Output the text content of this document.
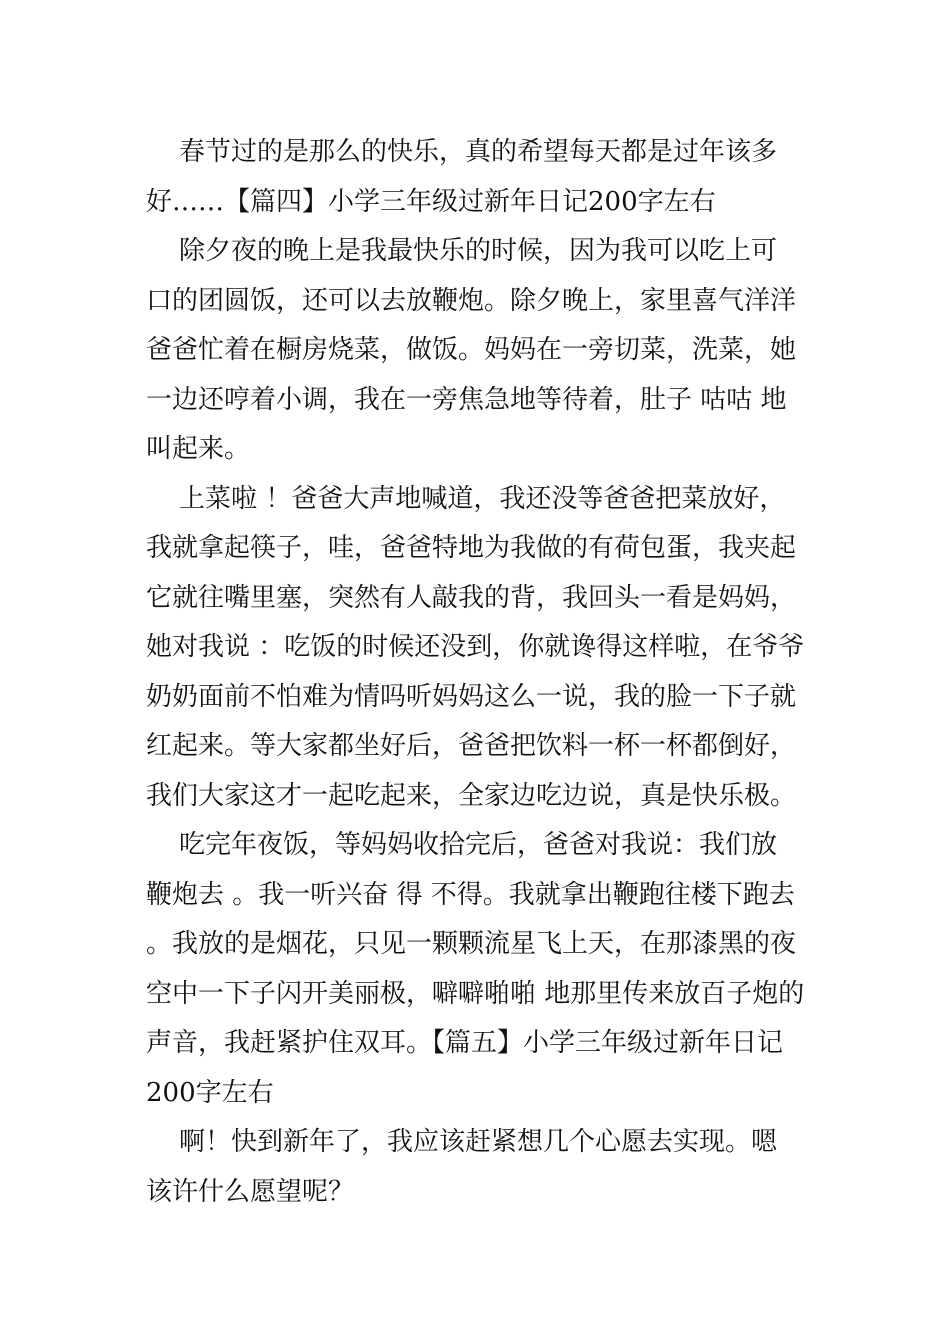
春节过的是那么的快乐，真的希望每天都是过年该多
好……【篇四】小学三年级过新年日记200字左右

除夕夜的晚上是我最快乐的时候，因为我可以吃上可
口的团圆饭，还可以去放鞭炮。除夕晚上，家里喜气洋洋
爸爸忙着在橱房烧菜，做饭。妈妈在一旁切菜，洗菜，她
一边还哼着小调，我在一旁焦急地等待着，肚子 咕咕 地
叫起来。

上菜啦 ！爸爸大声地喊道，我还没等爸爸把菜放好，
我就拿起筷子，哇，爸爸特地为我做的有荷包蛋，我夹起
它就往嘴里塞，突然有人敲我的背，我回头一看是妈妈，
她对我说 ：吃饭的时候还没到，你就谗得这样啦，在爷爷
奶奶面前不怕难为情吗听妈妈这么一说，我的脸一下子就
红起来。等大家都坐好后，爸爸把饮料一杯一杯都倒好，
我们大家这才一起吃起来，全家边吃边说，真是快乐极。

吃完年夜饭，等妈妈收拾完后，爸爸对我说：我们放
鞭炮去 。我一听兴奋 得 不得。我就拿出鞭跑往楼下跑去
。我放的是烟花，只见一颗颗流星飞上天，在那漆黑的夜
空中一下子闪开美丽极，噼噼啪啪 地那里传来放百子炮的
声音，我赶紧护住双耳。【篇五】小学三年级过新年日记
200字左右

啊！快到新年了，我应该赶紧想几个心愿去实现。嗯
该许什么愿望呢？
